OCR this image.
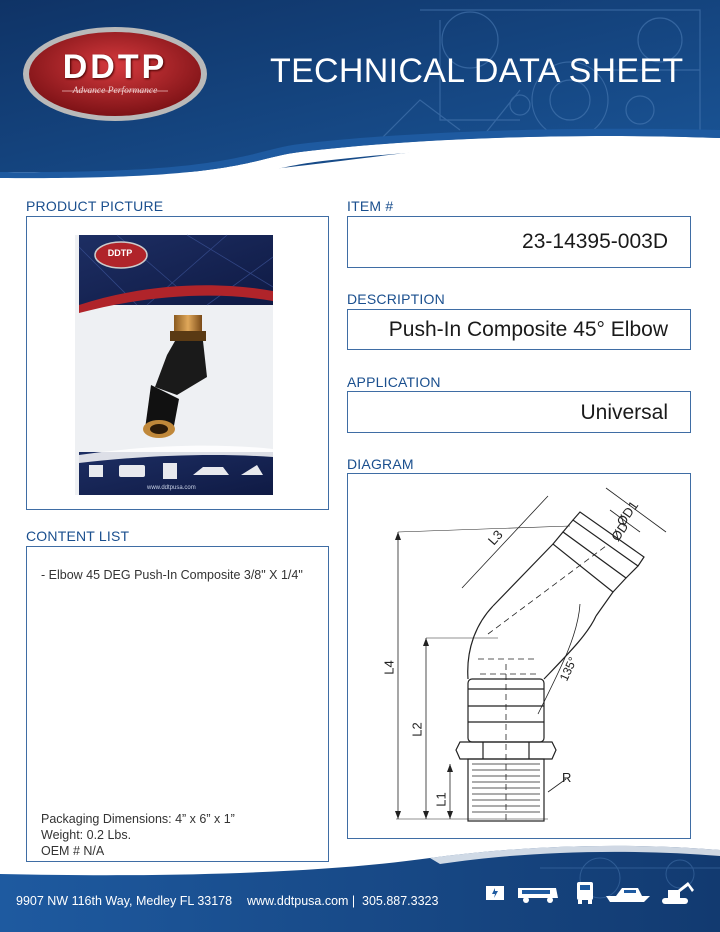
DDTP
Advance Performance
TECHNICAL DATA SHEET
PRODUCT PICTURE
DDTP
www.ddtpusa.com
ITEM #
23-14395-003D
DESCRIPTION
Push-In Composite 45° Elbow
APPLICATION
Universal
DIAGRAM
ØD1
ØD
L3
L4
L2
L1
135°
R
CONTENT LIST
- Elbow 45 DEG Push-In Composite 3/8" X 1/4"
Packaging Dimensions: 4” x 6” x 1”
Weight: 0.2 Lbs.
OEM # N/A
9907 NW 116th Way, Medley FL 33178 www.ddtpusa.com | 305.887.3323
